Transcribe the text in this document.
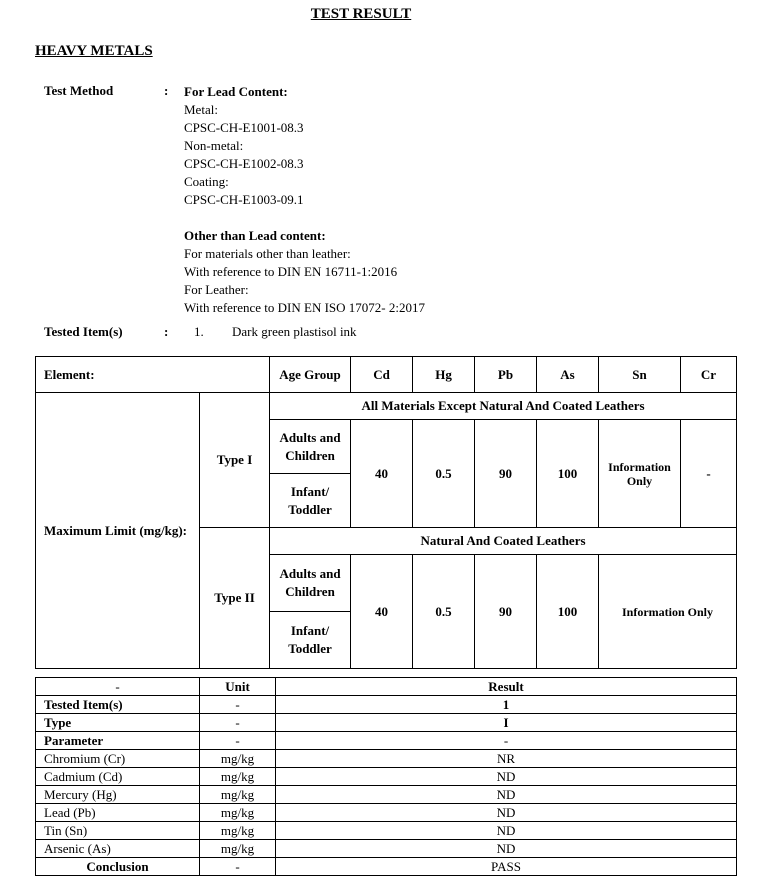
TEST RESULT
HEAVY METALS
Test Method	: For Lead Content:
Metal:
CPSC-CH-E1001-08.3
Non-metal:
CPSC-CH-E1002-08.3
Coating:
CPSC-CH-E1003-09.1
Other than Lead content:
For materials other than leather:
With reference to DIN EN 16711-1:2016
For Leather:
With reference to DIN EN ISO 17072- 2:2017
Tested Item(s)	: 1. Dark green plastisol ink
Element:		Age Group	Cd	Hg	Pb	As	Sn	Cr
Maximum Limit (mg/kg):	Type I	All Materials Except Natural And Coated Leathers						
		Adults and Children	40	0.5	90	100	Information Only	-
		Infant/ Toddler						
	Type II	Natural And Coated Leathers						
		Adults and Children	40	0.5	90	100	Information Only	
		Infant/ Toddler						
-	Unit	Result
Tested Item(s)	-	1
Type	-	I
Parameter	-	-
Chromium (Cr)	mg/kg	NR
Cadmium (Cd)	mg/kg	ND
Mercury (Hg)	mg/kg	ND
Lead (Pb)	mg/kg	ND
Tin (Sn)	mg/kg	ND
Arsenic (As)	mg/kg	ND
Conclusion	-	PASS
